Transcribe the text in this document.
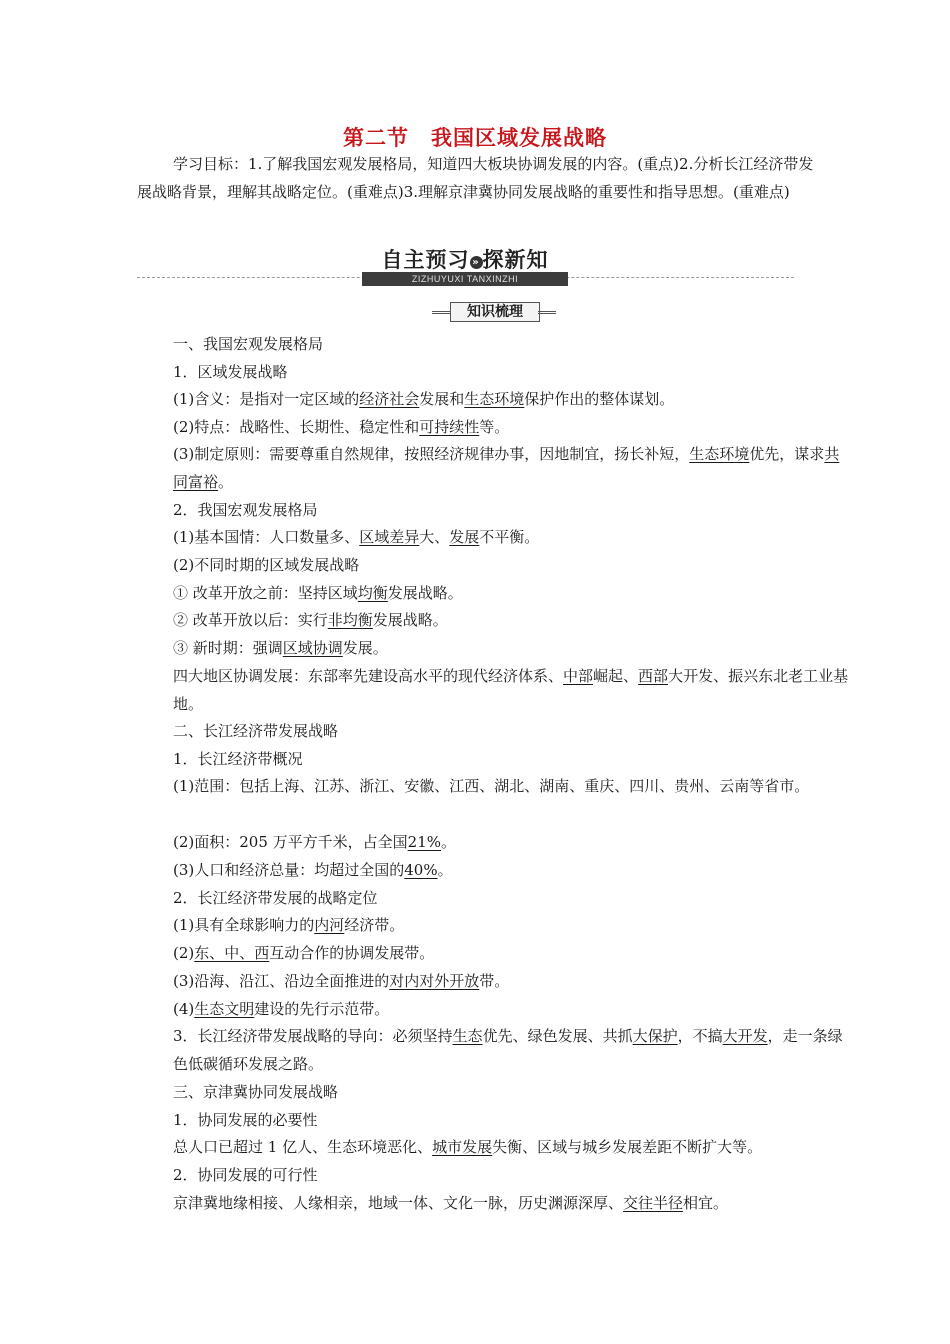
第二节　我国区域发展战略
学习目标：1.了解我国宏观发展格局，知道四大板块协调发展的内容。(重点)2.分析长江经济带发展战略背景，理解其战略定位。(重难点)3.理解京津冀协同发展战略的重要性和指导思想。(重难点)
自主预习 » 探新知
ZIZHUYUXI TANXINZHI
知识梳理
一、我国宏观发展格局
1．区域发展战略
(1)含义：是指对一定区域的经济社会发展和生态环境保护作出的整体谋划。
(2)特点：战略性、长期性、稳定性和可持续性等。
(3)制定原则：需要尊重自然规律，按照经济规律办事，因地制宜，扬长补短，生态环境优先，谋求共同富裕。
2．我国宏观发展格局
(1)基本国情：人口数量多、区域差异大、发展不平衡。
(2)不同时期的区域发展战略
① 改革开放之前：坚持区域均衡发展战略。
② 改革开放以后：实行非均衡发展战略。
③ 新时期：强调区域协调发展。
四大地区协调发展：东部率先建设高水平的现代经济体系、中部崛起、西部大开发、振兴东北老工业基地。
二、长江经济带发展战略
1．长江经济带概况
(1)范围：包括上海、江苏、浙江、安徽、江西、湖北、湖南、重庆、四川、贵州、云南等省市。
(2)面积：205 万平方千米，占全国21%。
(3)人口和经济总量：均超过全国的40%。
2．长江经济带发展的战略定位
(1)具有全球影响力的内河经济带。
(2)东、中、西互动合作的协调发展带。
(3)沿海、沿江、沿边全面推进的对内对外开放带。
(4)生态文明建设的先行示范带。
3．长江经济带发展战略的导向：必须坚持生态优先、绿色发展、共抓大保护，不搞大开发，走一条绿色低碳循环发展之路。
三、京津冀协同发展战略
1．协同发展的必要性
总人口已超过 1 亿人、生态环境恶化、城市发展失衡、区域与城乡发展差距不断扩大等。
2．协同发展的可行性
京津冀地缘相接、人缘相亲，地域一体、文化一脉，历史渊源深厚、交往半径相宜。
